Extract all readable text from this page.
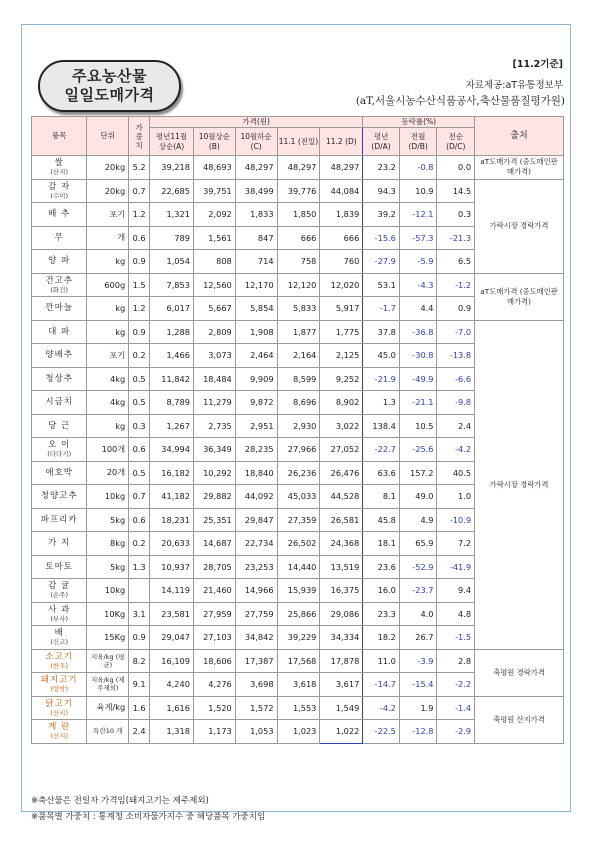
주요농산물
일일도매가격
[11.2기준]
자료제공:aT유통정보부
(aT,서울시농수산식품공사,축산물품질평가원)
품목	단위	가중치	가격(원)					등락률(%)			출처
			평년11월 상순(A)	10월상순 (B)	10월하순 (C)	11.1 (전일)	11.2 (D)	평년 (D/A)	전월 (D/B)	전순 (D/C)	

쌀
(산지)	20kg	5.2	39,218	48,693	48,297	48,297	48,297	23.2	-0.8	0.0	aT도매가격 (중도매인판매가격)

감 자
(수미)	20kg	0.7	22,685	39,751	38,499	39,776	44,084	94.3	10.9	14.5	가락시장 경락가격

배 추	포기	1.2	1,321	2,092	1,833	1,850	1,839	39.2	-12.1	0.3	

무	개	0.6	789	1,561	847	666	666	-15.6	-57.3	-21.3	

양 파	kg	0.9	1,054	808	714	758	760	-27.9	-5.9	6.5	

건고추
(화건)	600g	1.5	7,853	12,560	12,170	12,120	12,020	53.1	-4.3	-1.2	aT도매가격 (중도매인판매가격)

깐마늘	kg	1.2	6,017	5,667	5,854	5,833	5,917	-1.7	4.4	0.9	

대 파	kg	0.9	1,288	2,809	1,908	1,877	1,775	37.8	-36.8	-7.0	가락시장 경락가격

양배추	포기	0.2	1,466	3,073	2,464	2,164	2,125	45.0	-30.8	-13.8	

청상추	4kg	0.5	11,842	18,484	9,909	8,599	9,252	-21.9	-49.9	-6.6	

시금치	4kg	0.5	8,789	11,279	9,872	8,696	8,902	1.3	-21.1	-9.8	

당 근	kg	0.3	1,267	2,735	2,951	2,930	3,022	138.4	10.5	2.4	

오 이
(다다기)	100개	0.6	34,994	36,349	28,235	27,966	27,052	-22.7	-25.6	-4.2	

애호박	20개	0.5	16,182	10,292	18,840	26,236	26,476	63.6	157.2	40.5	

청양고추	10kg	0.7	41,182	29,882	44,092	45,033	44,528	8.1	49.0	1.0	

파프리카	5kg	0.6	18,231	25,351	29,847	27,359	26,581	45.8	4.9	-10.9	

가 지	8kg	0.2	20,633	14,687	22,734	26,502	24,368	18.1	65.9	7.2	

토마토	5kg	1.3	10,937	28,705	23,253	14,440	13,519	23.6	-52.9	-41.9	

감 귤
(온주)	10kg		14,119	21,460	14,966	15,939	16,375	16.0	-23.7	9.4	

사 과
(부사)	10Kg	3.1	23,581	27,959	27,759	25,866	29,086	23.3	4.0	4.8	

배
(신고)	15Kg	0.9	29,047	27,103	34,842	39,229	34,334	18.2	26.7	-1.5	

소고기
(한우)	지육/kg (평균)	8.2	16,109	18,606	17,387	17,568	17,878	11.0	-3.9	2.8	축평원 경락가격

돼지고기
(탕박)	지육/kg (제주제외)	9.1	4,240	4,276	3,698	3,618	3,617	-14.7	-15.4	-2.2	

닭고기
(산지)	육계/kg	1.6	1,616	1,520	1,572	1,553	1,549	-4.2	1.9	-1.4	축평원 산지가격

계 란
(산지)	특란10 개	2.4	1,318	1,173	1,053	1,023	1,022	-22.5	-12.8	-2.9	
※축산물은 전일자 가격임(돼지고기는 제주제외)
※품목별 가중치 : 통계청 소비자물가지수 중 해당품목 가중치임
